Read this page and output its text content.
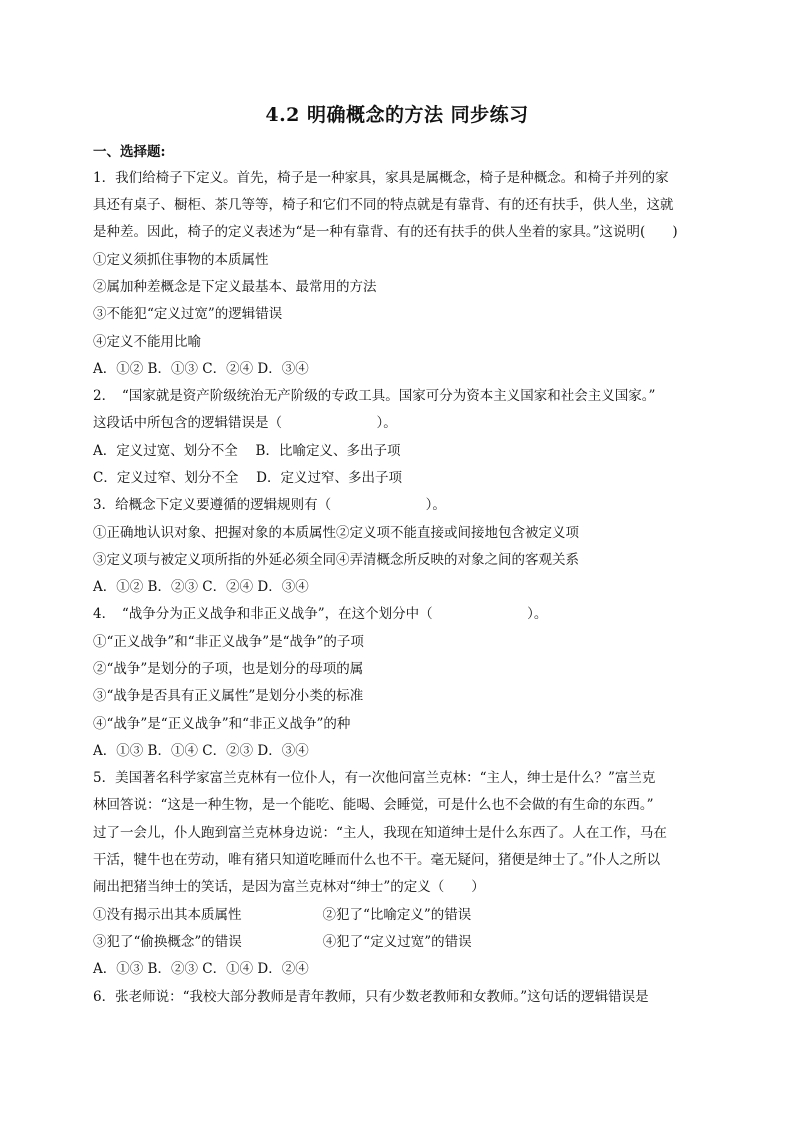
4.2 明确概念的方法 同步练习
一、选择题:
1．我们给椅子下定义。首先，椅子是一种家具，家具是属概念，椅子是种概念。和椅子并列的家
具还有桌子、橱柜、茶几等等，椅子和它们不同的特点就是有靠背、有的还有扶手，供人坐，这就
是种差。因此，椅子的定义表述为“是一种有靠背、有的还有扶手的供人坐着的家具。”这说明(　　)
①定义须抓住事物的本质属性
②属加种差概念是下定义最基本、最常用的方法
③不能犯“定义过宽”的逻辑错误
④定义不能用比喻
A．①② B．①③ C．②④ D．③④
2．　“国家就是资产阶级统治无产阶级的专政工具。国家可分为资本主义国家和社会主义国家。”
这段话中所包含的逻辑错误是（　　　　　　　）。
A．定义过宽、划分不全　 B．比喻定义、多出子项
C．定义过窄、划分不全　 D．定义过窄、多出子项
3．给概念下定义要遵循的逻辑规则有（　　　　　　　）。
①正确地认识对象、把握对象的本质属性②定义项不能直接或间接地包含被定义项
③定义项与被定义项所指的外延必须全同④弄清概念所反映的对象之间的客观关系
A．①② B．②③ C．②④ D．③④
4．　“战争分为正义战争和非正义战争”，在这个划分中（　　　　　　　）。
①“正义战争”和“非正义战争”是“战争”的子项
②“战争”是划分的子项，也是划分的母项的属
③“战争是否具有正义属性”是划分小类的标准
④“战争”是“正义战争”和“非正义战争”的种
A．①③ B．①④ C．②③ D．③④
5．美国著名科学家富兰克林有一位仆人，有一次他问富兰克林：“主人，绅士是什么？”富兰克
林回答说：“这是一种生物，是一个能吃、能喝、会睡觉，可是什么也不会做的有生命的东西。”
过了一会儿，仆人跑到富兰克林身边说：“主人，我现在知道绅士是什么东西了。人在工作，马在
干活，犍牛也在劳动，唯有猪只知道吃睡而什么也不干。毫无疑问，猪便是绅士了。”仆人之所以
闹出把猪当绅士的笑话，是因为富兰克林对“绅士”的定义（　　）
①没有揭示出其本质属性　　　　　　②犯了“比喻定义”的错误
③犯了“偷换概念”的错误　　　　　　④犯了“定义过宽”的错误
A．①③ B．②③ C．①④ D．②④
6．张老师说：“我校大部分教师是青年教师，只有少数老教师和女教师。”这句话的逻辑错误是
